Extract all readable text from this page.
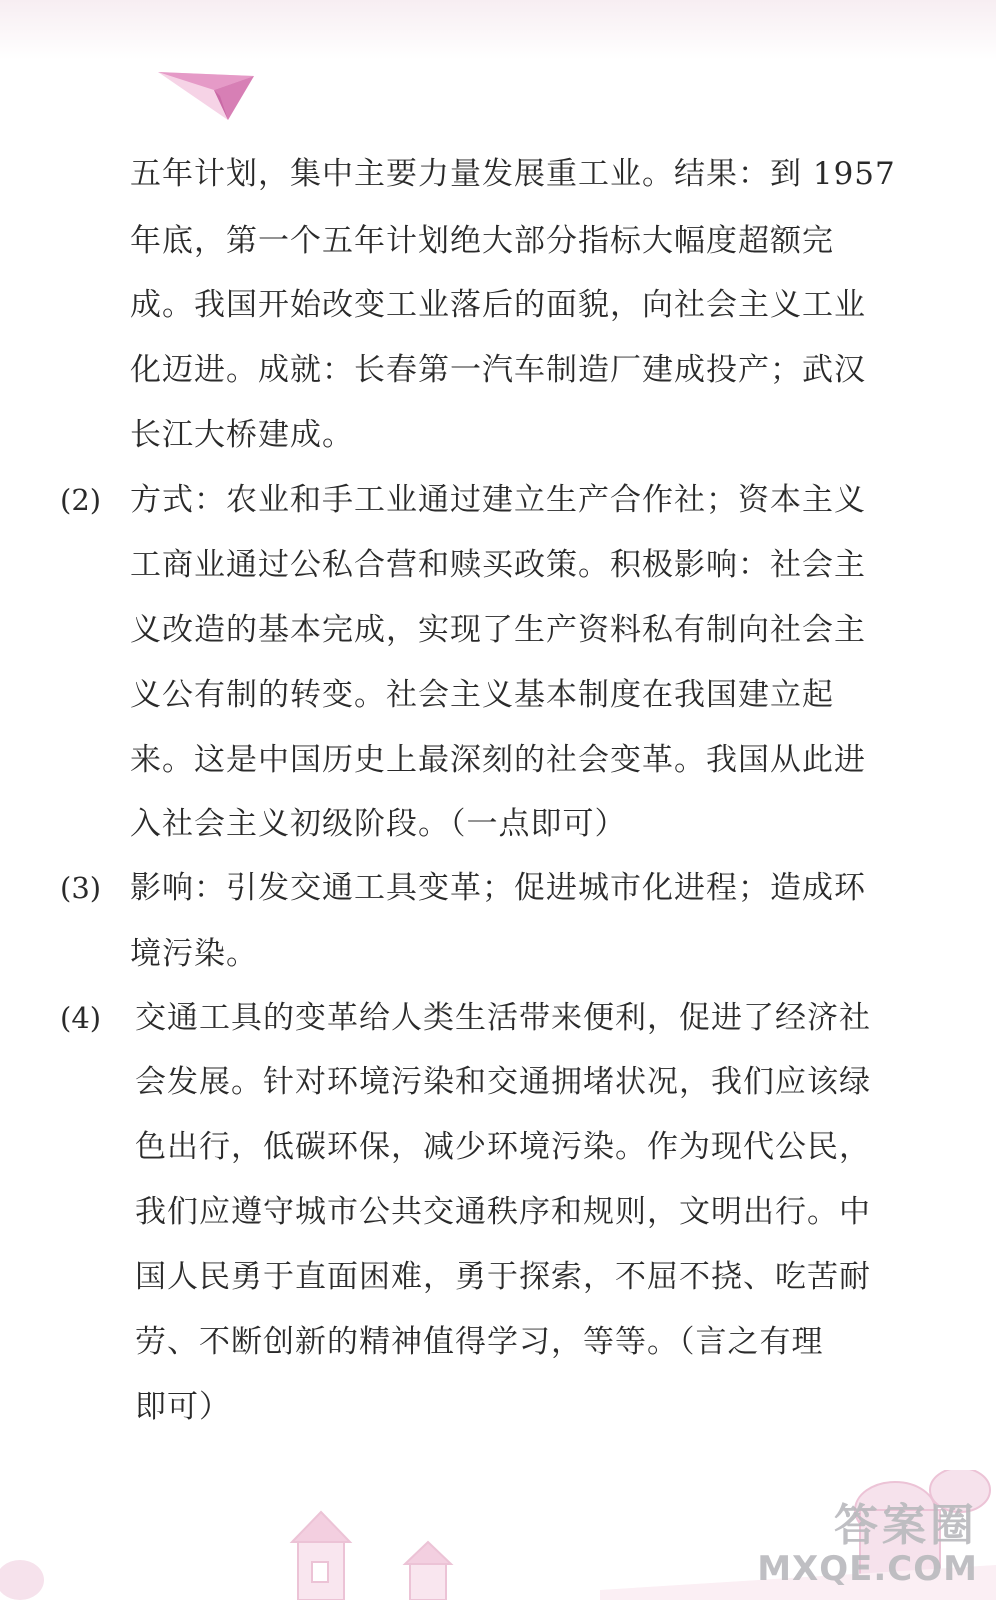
五年计划，集中主要力量发展重工业。结果：到 1957
年底，第一个五年计划绝大部分指标大幅度超额完
成。我国开始改变工业落后的面貌，向社会主义工业
化迈进。成就：长春第一汽车制造厂建成投产；武汉
长江大桥建成。
(2) 方式：农业和手工业通过建立生产合作社；资本主义
工商业通过公私合营和赎买政策。积极影响：社会主
义改造的基本完成，实现了生产资料私有制向社会主
义公有制的转变。社会主义基本制度在我国建立起
来。这是中国历史上最深刻的社会变革。我国从此进
入社会主义初级阶段。（一点即可）
(3) 影响：引发交通工具变革；促进城市化进程；造成环
境污染。
(4) 交通工具的变革给人类生活带来便利，促进了经济社
会发展。针对环境污染和交通拥堵状况，我们应该绿
色出行，低碳环保，减少环境污染。作为现代公民，
我们应遵守城市公共交通秩序和规则，文明出行。中
国人民勇于直面困难，勇于探索，不屈不挠、吃苦耐
劳、不断创新的精神值得学习，等等。（言之有理
即可）
答案圈
MXQE.COM
